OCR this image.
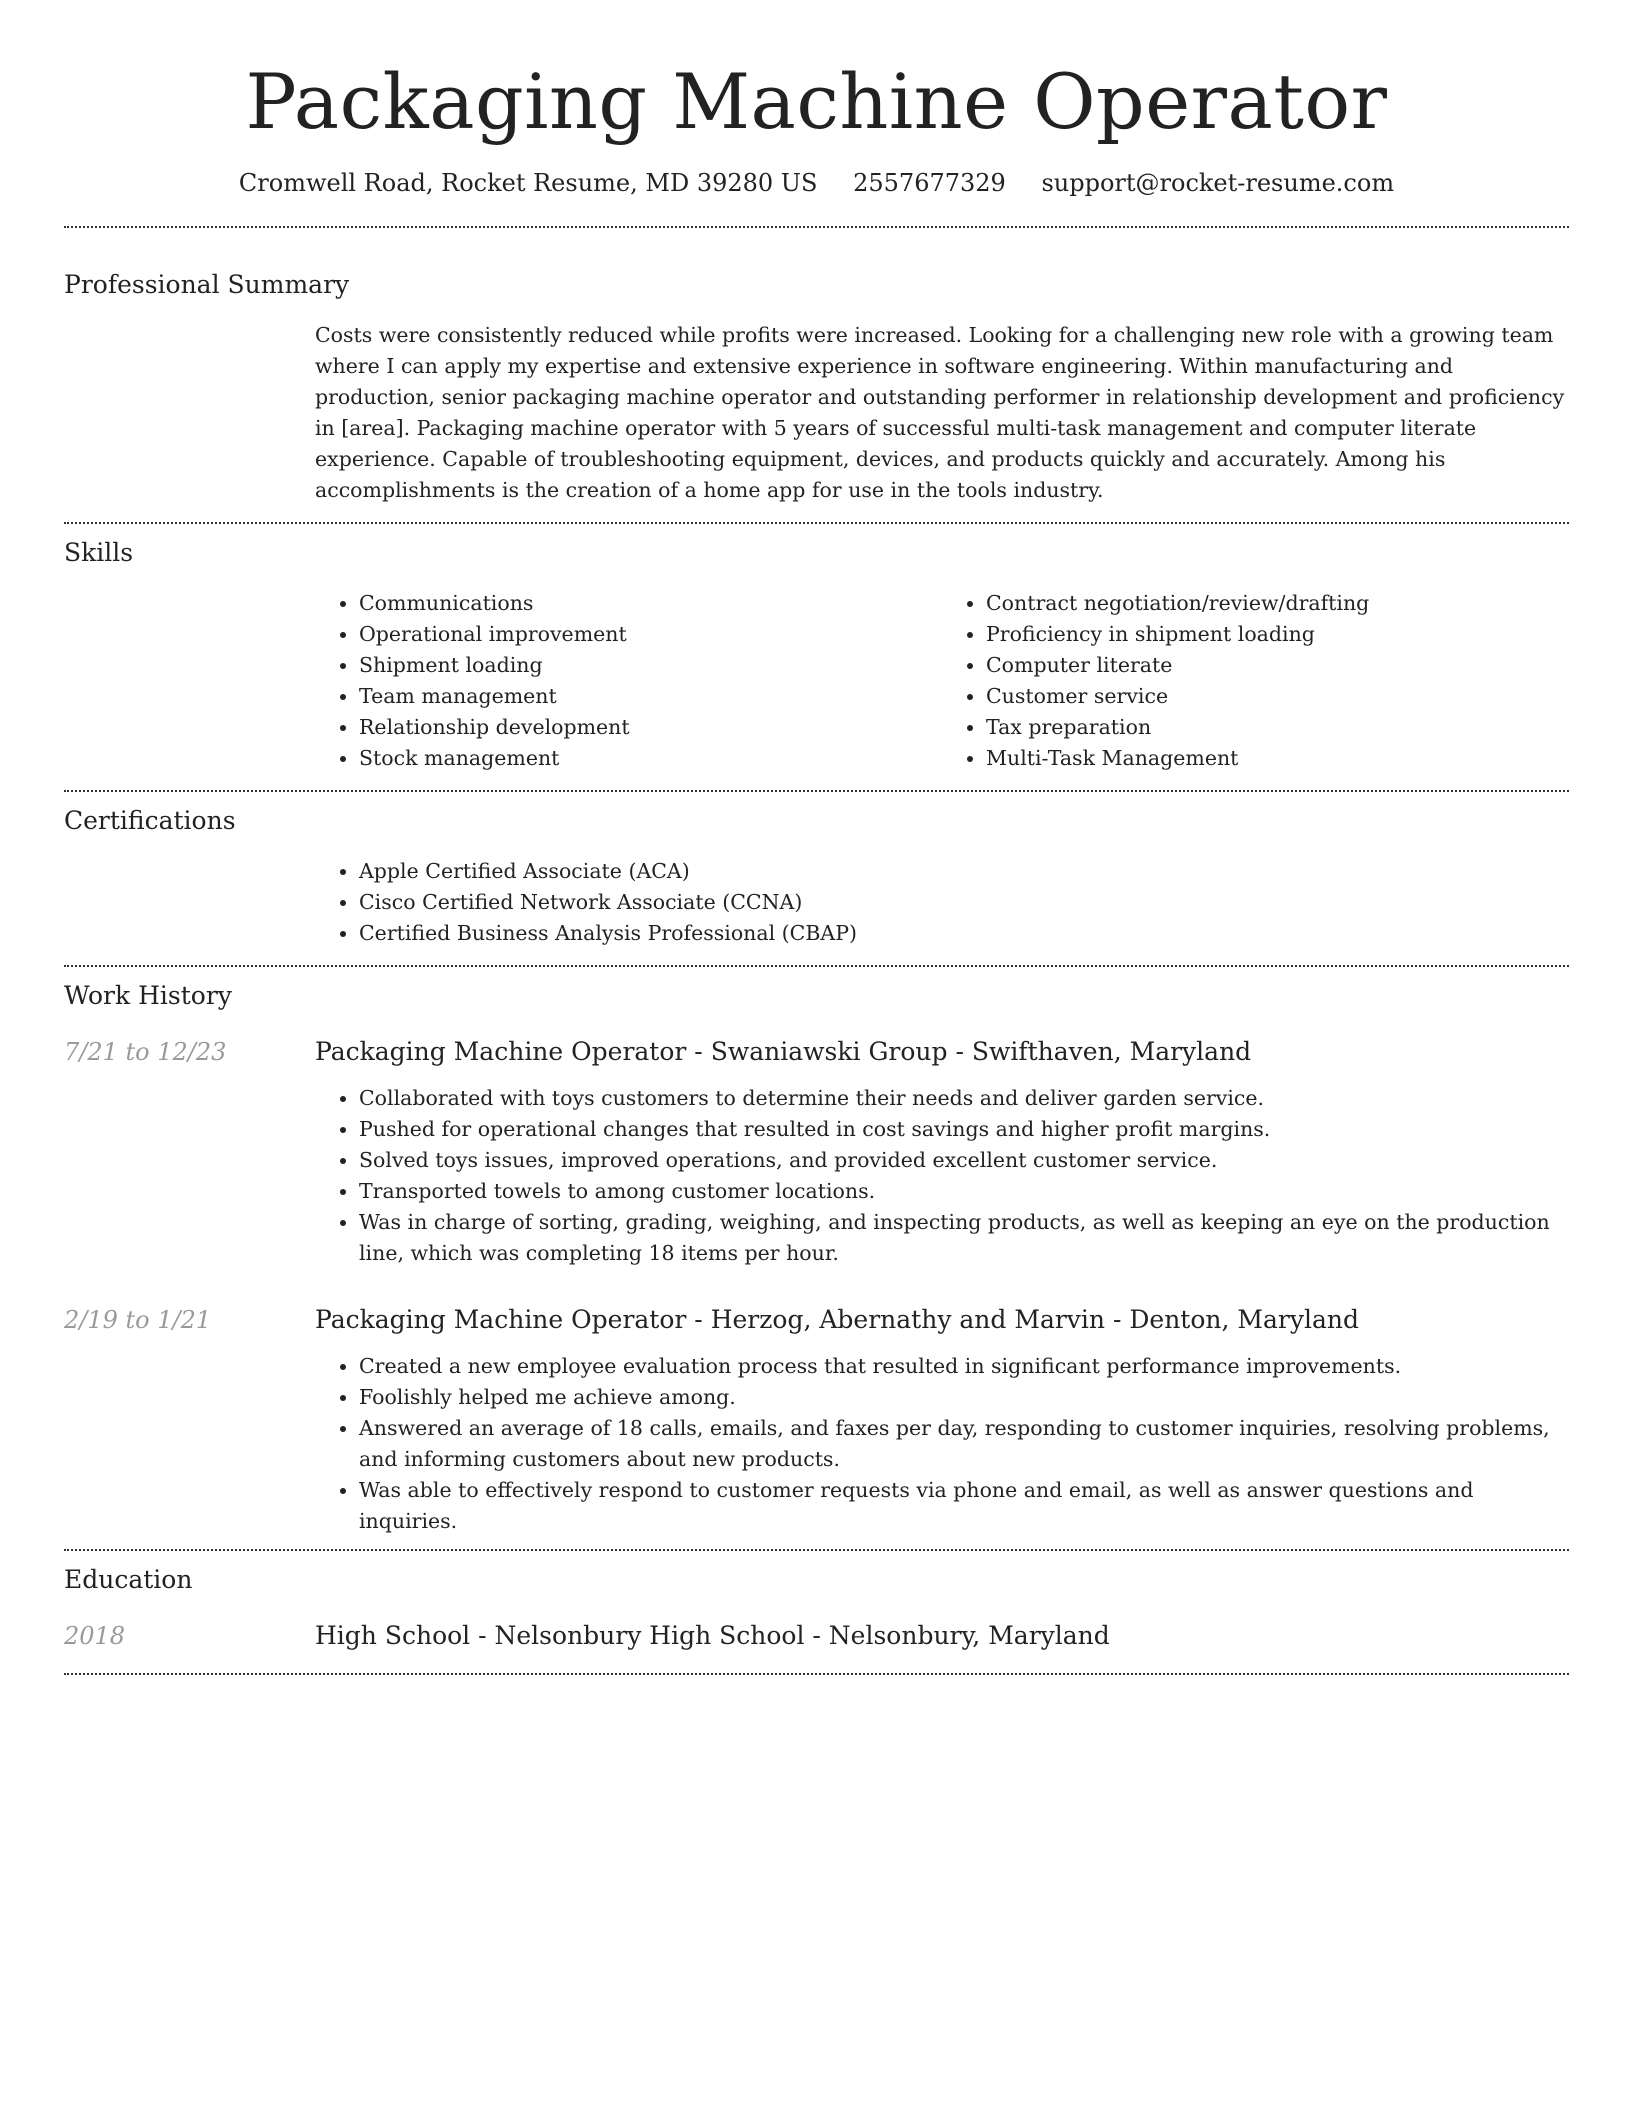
Packaging Machine Operator
Cromwell Road, Rocket Resume, MD 39280 US 2557677329 support@rocket-resume.com
Professional Summary

Costs were consistently reduced while profits were increased. Looking for a challenging new role with a growing team where I can apply my expertise and extensive experience in software engineering. Within manufacturing and production, senior packaging machine operator and outstanding performer in relationship development and proficiency in [area]. Packaging machine operator with 5 years of successful multi-task management and computer literate experience. Capable of troubleshooting equipment, devices, and products quickly and accurately. Among his accomplishments is the creation of a home app for use in the tools industry.

Skills
• Communications
• Operational improvement
• Shipment loading
• Team management
• Relationship development
• Stock management
• Contract negotiation/review/drafting
• Proficiency in shipment loading
• Computer literate
• Customer service
• Tax preparation
• Multi-Task Management
Certifications
• Apple Certified Associate (ACA)
• Cisco Certified Network Associate (CCNA)
• Certified Business Analysis Professional (CBAP)
Work History
7/21 to 12/23	Packaging Machine Operator - Swaniawski Group - Swifthaven, Maryland
• Collaborated with toys customers to determine their needs and deliver garden service.
• Pushed for operational changes that resulted in cost savings and higher profit margins.
• Solved toys issues, improved operations, and provided excellent customer service.
• Transported towels to among customer locations.
• Was in charge of sorting, grading, weighing, and inspecting products, as well as keeping an eye on the production line, which was completing 18 items per hour.
2/19 to 1/21	Packaging Machine Operator - Herzog, Abernathy and Marvin - Denton, Maryland
• Created a new employee evaluation process that resulted in significant performance improvements.
• Foolishly helped me achieve among.
• Answered an average of 18 calls, emails, and faxes per day, responding to customer inquiries, resolving problems, and informing customers about new products.
• Was able to effectively respond to customer requests via phone and email, as well as answer questions and inquiries.
Education
2018	High School - Nelsonbury High School - Nelsonbury, Maryland
